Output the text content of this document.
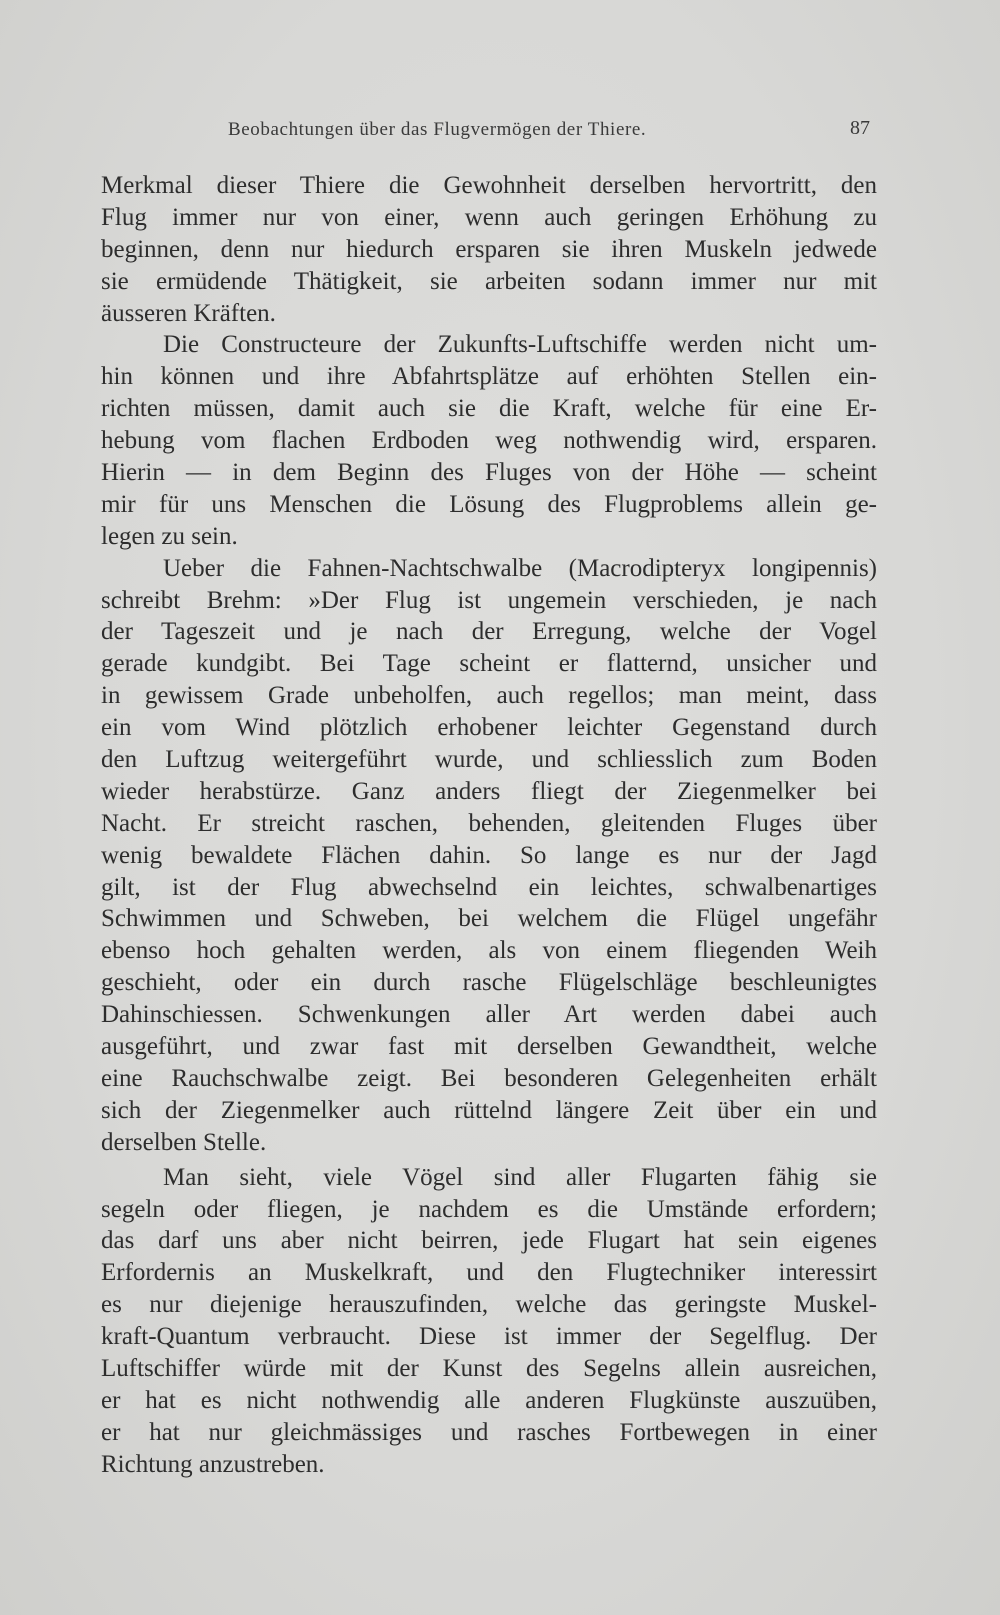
Beobachtungen über das Flugvermögen der Thiere.	87
Merkmal dieser Thiere die Gewohnheit derselben hervortritt, den
Flug immer nur von einer, wenn auch geringen Erhöhung zu
beginnen, denn nur hiedurch ersparen sie ihren Muskeln jedwede
sie ermüdende Thätigkeit, sie arbeiten sodann immer nur mit
äusseren Kräften.
Die Constructeure der Zukunfts-Luftschiffe werden nicht um-
hin können und ihre Abfahrtsplätze auf erhöhten Stellen ein-
richten müssen, damit auch sie die Kraft, welche für eine Er-
hebung vom flachen Erdboden weg nothwendig wird, ersparen.
Hierin — in dem Beginn des Fluges von der Höhe — scheint
mir für uns Menschen die Lösung des Flugproblems allein ge-
legen zu sein.
Ueber die Fahnen-Nachtschwalbe (Macrodipteryx longipennis)
schreibt Brehm: »Der Flug ist ungemein verschieden, je nach
der Tageszeit und je nach der Erregung, welche der Vogel
gerade kundgibt. Bei Tage scheint er flatternd, unsicher und
in gewissem Grade unbeholfen, auch regellos; man meint, dass
ein vom Wind plötzlich erhobener leichter Gegenstand durch
den Luftzug weitergeführt wurde, und schliesslich zum Boden
wieder herabstürze. Ganz anders fliegt der Ziegenmelker bei
Nacht. Er streicht raschen, behenden, gleitenden Fluges über
wenig bewaldete Flächen dahin. So lange es nur der Jagd
gilt, ist der Flug abwechselnd ein leichtes, schwalbenartiges
Schwimmen und Schweben, bei welchem die Flügel ungefähr
ebenso hoch gehalten werden, als von einem fliegenden Weih
geschieht, oder ein durch rasche Flügelschläge beschleunigtes
Dahinschiessen. Schwenkungen aller Art werden dabei auch
ausgeführt, und zwar fast mit derselben Gewandtheit, welche
eine Rauchschwalbe zeigt. Bei besonderen Gelegenheiten erhält
sich der Ziegenmelker auch rüttelnd längere Zeit über ein und
derselben Stelle.
Man sieht, viele Vögel sind aller Flugarten fähig sie
segeln oder fliegen, je nachdem es die Umstände erfordern;
das darf uns aber nicht beirren, jede Flugart hat sein eigenes
Erfordernis an Muskelkraft, und den Flugtechniker interessirt
es nur diejenige herauszufinden, welche das geringste Muskel-
kraft-Quantum verbraucht. Diese ist immer der Segelflug. Der
Luftschiffer würde mit der Kunst des Segelns allein ausreichen,
er hat es nicht nothwendig alle anderen Flugkünste auszuüben,
er hat nur gleichmässiges und rasches Fortbewegen in einer
Richtung anzustreben.
